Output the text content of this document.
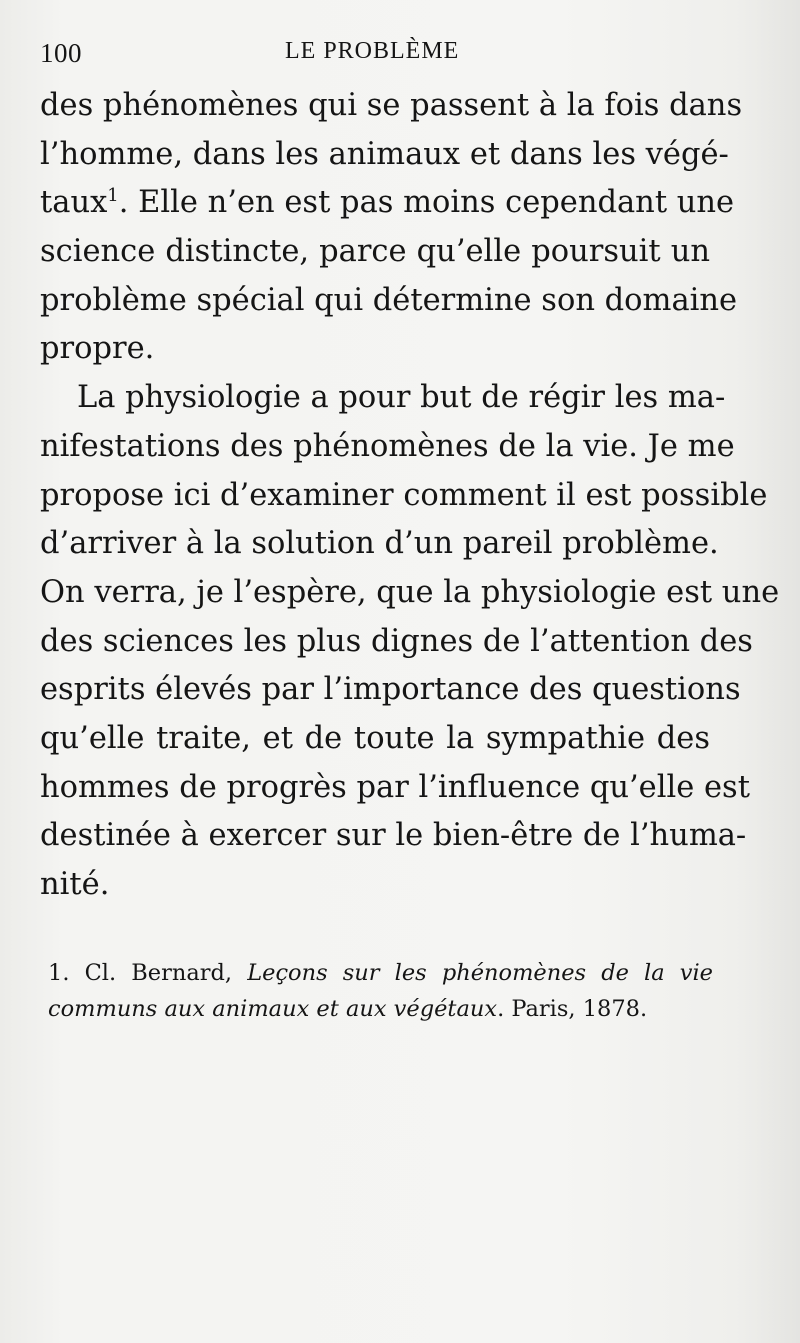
100	LE PROBLÈME

des phénomènes qui se passent à la fois dans
l’homme, dans les animaux et dans les végé-
taux$^1$. Elle n’en est pas moins cependant une
science distincte, parce qu’elle poursuit un
problème spécial qui détermine son domaine
propre.

La physiologie a pour but de régir les ma-
nifestations des phénomènes de la vie. Je me
propose ici d’examiner comment il est possible
d’arriver à la solution d’un pareil problème.
On verra, je l’espère, que la physiologie est une
des sciences les plus dignes de l’attention des
esprits élevés par l’importance des questions
qu’elle traite, et de toute la sympathie des
hommes de progrès par l’influence qu’elle est
destinée à exercer sur le bien-être de l’huma-
nité.

1. Cl. Bernard, Leçons sur les phénomènes de la vie
communs aux animaux et aux végétaux. Paris, 1878.
